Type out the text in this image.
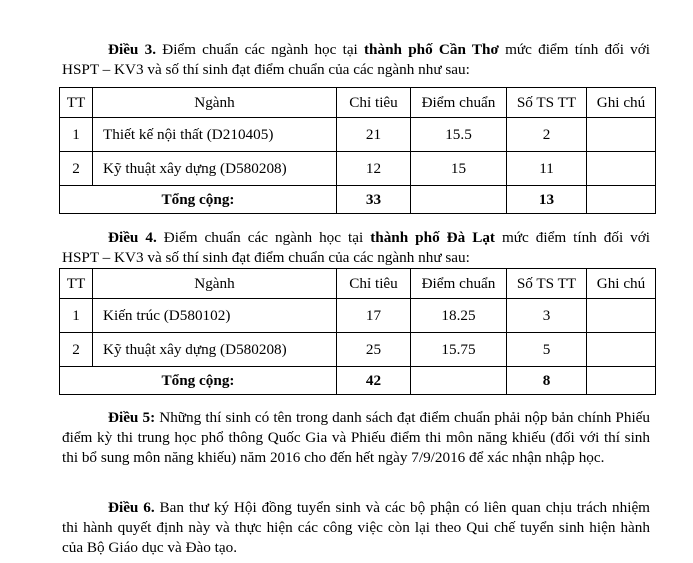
Điều 3. Điểm chuẩn các ngành học tại thành phố Cần Thơ mức điểm tính đối với
HSPT – KV3 và số thí sinh đạt điểm chuẩn của các ngành như sau:
TT	Ngành	Chỉ tiêu	Điểm chuẩn	Số TS TT	Ghi chú
1	Thiết kế nội thất (D210405)	21	15.5	2	
2	Kỹ thuật xây dựng (D580208)	12	15	11	
Tổng cộng:		33		13	
Điều 4. Điểm chuẩn các ngành học tại thành phố Đà Lạt mức điểm tính đối với
HSPT – KV3 và số thí sinh đạt điểm chuẩn của các ngành như sau:
TT	Ngành	Chỉ tiêu	Điểm chuẩn	Số TS TT	Ghi chú
1	Kiến trúc (D580102)	17	18.25	3	
2	Kỹ thuật xây dựng (D580208)	25	15.75	5	
Tổng cộng:		42		8	
Điều 5: Những thí sinh có tên trong danh sách đạt điểm chuẩn phải nộp bản chính Phiếu điểm kỳ thi trung học phổ thông Quốc Gia và Phiếu điểm thi môn năng khiếu (đối với thí sinh thi bổ sung môn năng khiếu) năm 2016 cho đến hết ngày 7/9/2016 để xác nhận nhập học.
Điều 6. Ban thư ký Hội đồng tuyển sinh và các bộ phận có liên quan chịu trách nhiệm thi hành quyết định này và thực hiện các công việc còn lại theo Qui chế tuyển sinh hiện hành của Bộ Giáo dục và Đào tạo.
